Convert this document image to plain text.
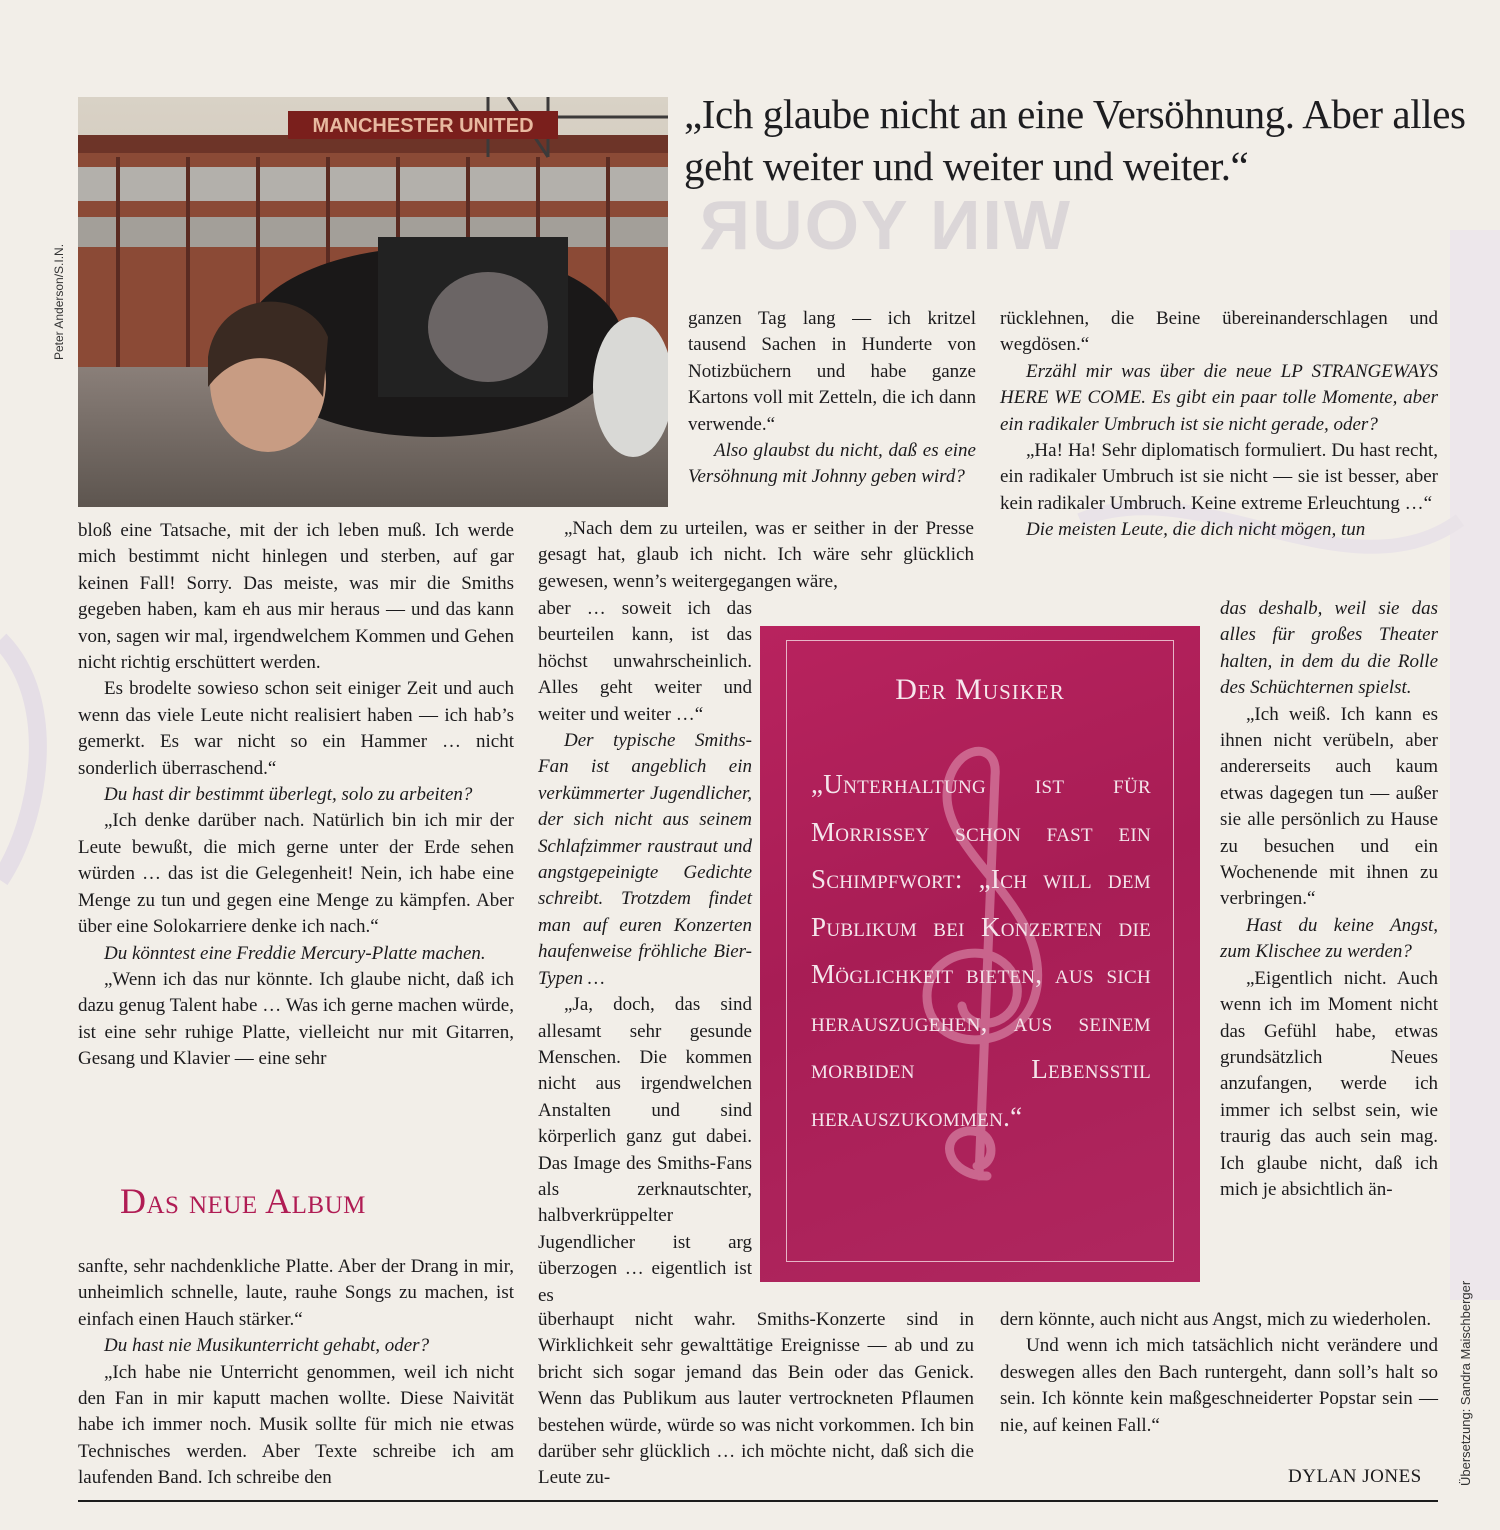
WIN YOUR
MANCHESTER UNITED
Peter Anderson/S.I.N.
„Ich glaube nicht an eine Versöhnung. Aber alles geht weiter und weiter und weiter.“

bloß eine Tatsache, mit der ich leben muß. Ich werde mich bestimmt nicht hinlegen und sterben, auf gar keinen Fall! Sorry. Das meiste, was mir die Smiths gegeben haben, kam eh aus mir heraus — und das kann von, sagen wir mal, irgendwelchem Kommen und Gehen nicht richtig erschüttert werden.

Es brodelte sowieso schon seit einiger Zeit und auch wenn das viele Leute nicht realisiert haben — ich hab’s gemerkt. Es war nicht so ein Hammer … nicht sonderlich überraschend.“

Du hast dir bestimmt überlegt, solo zu arbeiten?

„Ich denke darüber nach. Natürlich bin ich mir der Leute bewußt, die mich gerne unter der Erde sehen würden … das ist die Gelegenheit! Nein, ich habe eine Menge zu tun und gegen eine Menge zu kämpfen. Aber über eine Solokarriere denke ich nach.“

Du könntest eine Freddie Mercury-Platte machen.

„Wenn ich das nur könnte. Ich glaube nicht, daß ich dazu genug Talent habe … Was ich gerne machen würde, ist eine sehr ruhige Platte, vielleicht nur mit Gitarren, Gesang und Klavier — eine sehr

Das neue Album

sanfte, sehr nachdenkliche Platte. Aber der Drang in mir, unheimlich schnelle, laute, rauhe Songs zu machen, ist einfach einen Hauch stärker.“

Du hast nie Musikunterricht gehabt, oder?

„Ich habe nie Unterricht genommen, weil ich nicht den Fan in mir kaputt machen wollte. Diese Naivität habe ich immer noch. Musik sollte für mich nie etwas Technisches werden. Aber Texte schreibe ich am laufenden Band. Ich schreibe den

ganzen Tag lang — ich kritzel tausend Sachen in Hunderte von Notizbüchern und habe ganze Kartons voll mit Zetteln, die ich dann verwende.“

Also glaubst du nicht, daß es eine Versöhnung mit Johnny geben wird?

„Nach dem zu urteilen, was er seither in der Presse gesagt hat, glaub ich nicht. Ich wäre sehr glücklich gewesen, wenn’s weitergegangen wäre,

aber … soweit ich das beurteilen kann, ist das höchst unwahrscheinlich. Alles geht weiter und weiter und weiter …“

Der typische Smiths-Fan ist angeblich ein verkümmerter Jugendlicher, der sich nicht aus seinem Schlafzimmer raustraut und angstgepeinigte Gedichte schreibt. Trotzdem findet man auf euren Konzerten haufenweise fröhliche Bier-Typen …

„Ja, doch, das sind allesamt sehr gesunde Menschen. Die kommen nicht aus irgendwelchen Anstalten und sind körperlich ganz gut dabei. Das Image des Smiths-Fans als zerknautschter, halbverkrüppelter Jugendlicher ist arg überzogen … eigentlich ist es

überhaupt nicht wahr. Smiths-Konzerte sind in Wirklichkeit sehr gewalttätige Ereignisse — ab und zu bricht sich sogar jemand das Bein oder das Genick. Wenn das Publikum aus lauter vertrockneten Pflaumen bestehen würde, würde so was nicht vorkommen. Ich bin darüber sehr glücklich … ich möchte nicht, daß sich die Leute zu-

rücklehnen, die Beine übereinanderschlagen und wegdösen.“

Erzähl mir was über die neue LP STRANGEWAYS HERE WE COME. Es gibt ein paar tolle Momente, aber ein radikaler Umbruch ist sie nicht gerade, oder?

„Ha! Ha! Sehr diplomatisch formuliert. Du hast recht, ein radikaler Umbruch ist sie nicht — sie ist besser, aber kein radikaler Umbruch. Keine extreme Erleuchtung …“

Die meisten Leute, die dich nicht mögen, tun

das deshalb, weil sie das alles für großes Theater halten, in dem du die Rolle des Schüchternen spielst.

„Ich weiß. Ich kann es ihnen nicht verübeln, aber andererseits auch kaum etwas dagegen tun — außer sie alle persönlich zu Hause zu besuchen und ein Wochenende mit ihnen zu verbringen.“

Hast du keine Angst, zum Klischee zu werden?

„Eigentlich nicht. Auch wenn ich im Moment nicht das Gefühl habe, etwas grundsätzlich Neues anzufangen, werde ich immer ich selbst sein, wie traurig das auch sein mag. Ich glaube nicht, daß ich mich je absichtlich än-

dern könnte, auch nicht aus Angst, mich zu wiederholen.

Und wenn ich mich tatsächlich nicht verändere und deswegen alles den Bach runtergeht, dann soll’s halt so sein. Ich könnte kein maßgeschneiderter Popstar sein — nie, auf keinen Fall.“

Der Musiker
„Unterhaltung ist für Morrissey schon fast ein Schimpfwort: „Ich will dem Publikum bei Konzerten die Möglichkeit bieten, aus sich herauszugehen, aus seinem morbiden Lebensstil herauszukommen.“
DYLAN JONES	Übersetzung: Sandra Maischberger
